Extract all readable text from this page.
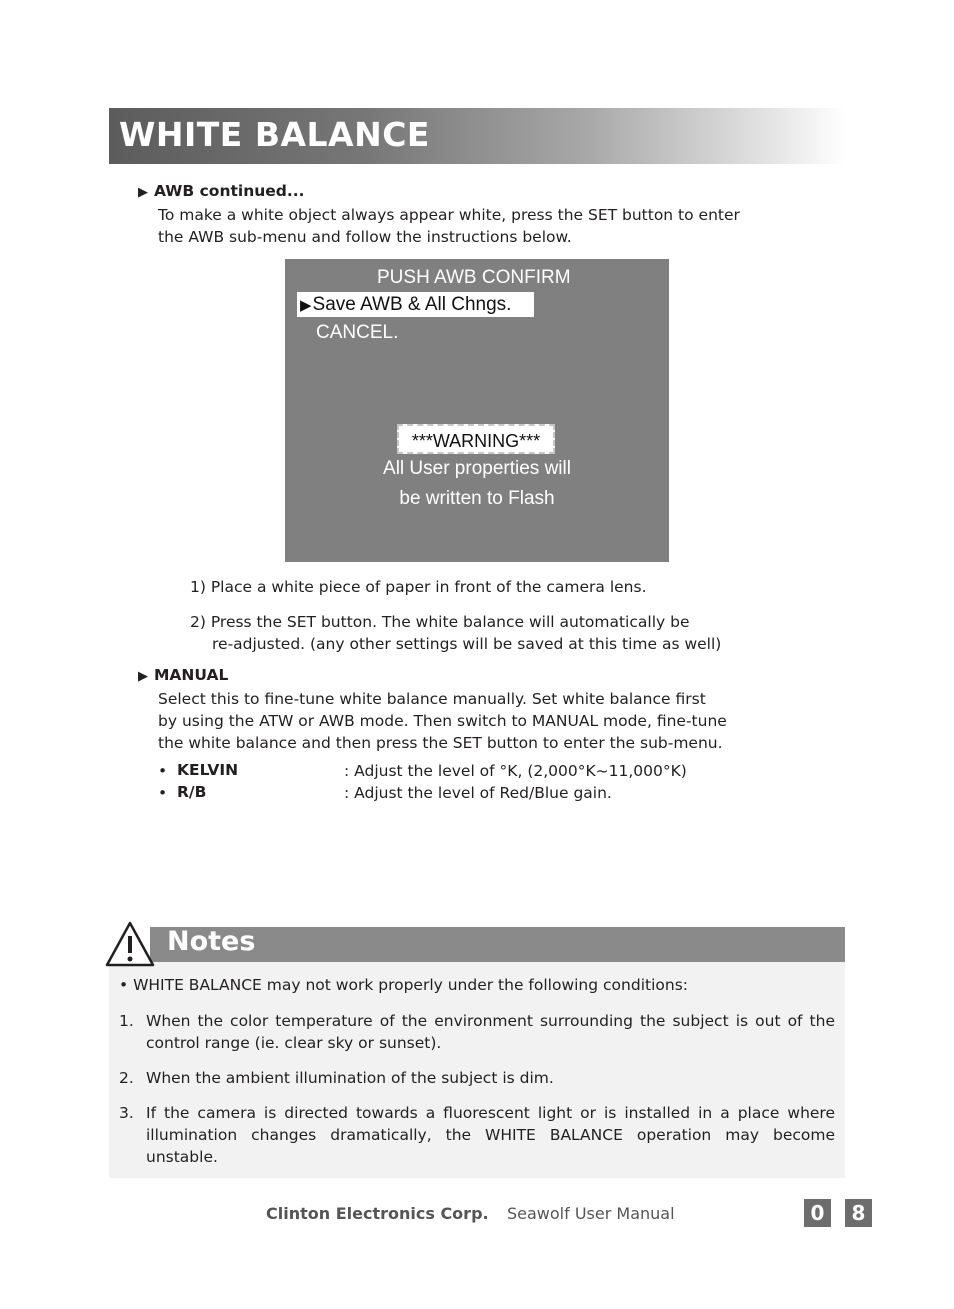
WHITE BALANCE
▶ AWB continued...
To make a white object always appear white, press the SET button to enter
the AWB sub-menu and follow the instructions below.
PUSH AWB CONFIRM
▶Save AWB & All Chngs.
CANCEL.
***WARNING***
All User properties will
be written to Flash
1) Place a white piece of paper in front of the camera lens.
2) Press the SET button. The white balance will automatically be
re-adjusted. (any other settings will be saved at this time as well)
▶ MANUAL
Select this to fine-tune white balance manually. Set white balance first
by using the ATW or AWB mode. Then switch to MANUAL mode, fine-tune
the white balance and then press the SET button to enter the sub-menu.
• KELVIN	: Adjust the level of °K, (2,000°K~11,000°K)
• R/B	: Adjust the level of Red/Blue gain.
Notes
• WHITE BALANCE may not work properly under the following conditions:
1. When the color temperature of the environment surrounding the subject is out of the control range (ie. clear sky or sunset).
2. When the ambient illumination of the subject is dim.
3. If the camera is directed towards a fluorescent light or is installed in a place where illumination changes dramatically, the WHITE BALANCE operation may become unstable.
Clinton Electronics Corp. Seawolf User Manual	0	8
